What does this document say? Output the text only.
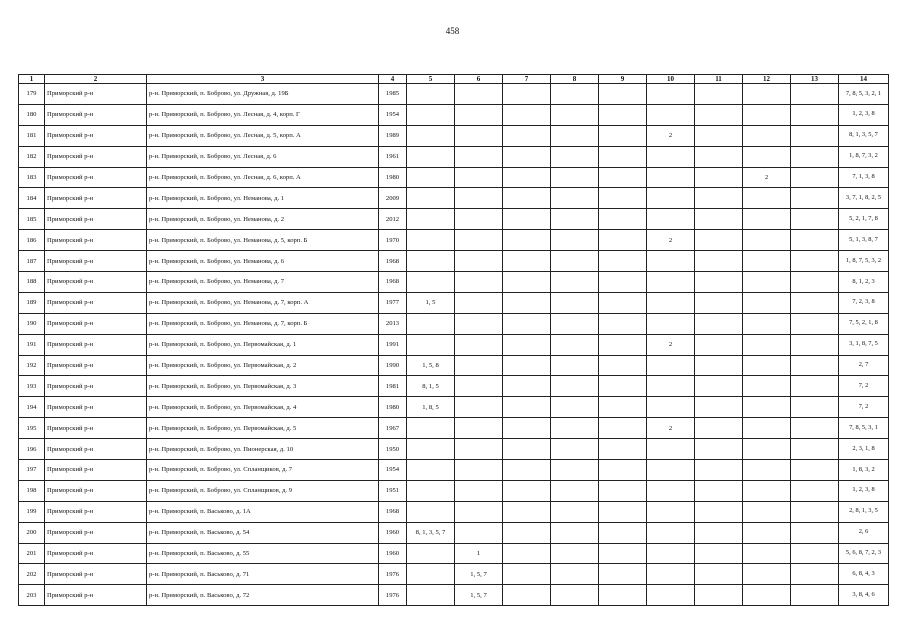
458
1	2	3	4	5	6	7	8	9	10	11	12	13	14
179	Приморский р-н	р-н. Приморский, п. Боброво, ул. Дружная, д. 19Б	1985										7, 8, 5, 3, 2, 1
180	Приморский р-н	р-н. Приморский, п. Боброво, ул. Лесная, д. 4, корп. Г	1954										1, 2, 3, 8
181	Приморский р-н	р-н. Приморский, п. Боброво, ул. Лесная, д. 5, корп. А	1989						2				8, 1, 3, 5, 7
182	Приморский р-н	р-н. Приморский, п. Боброво, ул. Лесная, д. 6	1961										1, 8, 7, 3, 2
183	Приморский р-н	р-н. Приморский, п. Боброво, ул. Лесная, д. 6, корп. А	1980								2		7, 1, 3, 8
184	Приморский р-н	р-н. Приморский, п. Боброво, ул. Неманова, д. 1	2009										3, 7, 1, 8, 2, 5
185	Приморский р-н	р-н. Приморский, п. Боброво, ул. Неманова, д. 2	2012										5, 2, 1, 7, 8
186	Приморский р-н	р-н. Приморский, п. Боброво, ул. Неманова, д. 5, корп. Б	1970						2				5, 1, 3, 8, 7
187	Приморский р-н	р-н. Приморский, п. Боброво, ул. Неманова, д. 6	1968										1, 8, 7, 5, 3, 2
188	Приморский р-н	р-н. Приморский, п. Боброво, ул. Неманова, д. 7	1968										8, 1, 2, 3
189	Приморский р-н	р-н. Приморский, п. Боброво, ул. Неманова, д. 7, корп. А	1977	1, 5									7, 2, 3, 8
190	Приморский р-н	р-н. Приморский, п. Боброво, ул. Неманова, д. 7, корп. Б	2013										7, 5, 2, 1, 8
191	Приморский р-н	р-н. Приморский, п. Боброво, ул. Первомайская, д. 1	1991						2				3, 1, 8, 7, 5
192	Приморский р-н	р-н. Приморский, п. Боброво, ул. Первомайская, д. 2	1990	1, 5, 8									2, 7
193	Приморский р-н	р-н. Приморский, п. Боброво, ул. Первомайская, д. 3	1981	8, 1, 5									7, 2
194	Приморский р-н	р-н. Приморский, п. Боброво, ул. Первомайская, д. 4	1980	1, 8, 5									7, 2
195	Приморский р-н	р-н. Приморский, п. Боброво, ул. Первомайская, д. 5	1967						2				7, 8, 5, 3, 1
196	Приморский р-н	р-н. Приморский, п. Боброво, ул. Пионерская, д. 10	1950										2, 3, 1, 8
197	Приморский р-н	р-н. Приморский, п. Боброво, ул. Спланщиков, д. 7	1954										1, 8, 3, 2
198	Приморский р-н	р-н. Приморский, п. Боброво, ул. Спланщиков, д. 9	1951										1, 2, 3, 8
199	Приморский р-н	р-н. Приморский, п. Васьково, д. 1А	1968										2, 8, 1, 3, 5
200	Приморский р-н	р-н. Приморский, п. Васьково, д. 54	1960	8, 1, 3, 5, 7									2, 6
201	Приморский р-н	р-н. Приморский, п. Васьково, д. 55	1960		1								5, 6, 8, 7, 2, 3
202	Приморский р-н	р-н. Приморский, п. Васьково, д. 71	1976		1, 5, 7								6, 8, 4, 3
203	Приморский р-н	р-н. Приморский, п. Васьково, д. 72	1976		1, 5, 7								3, 8, 4, 6
